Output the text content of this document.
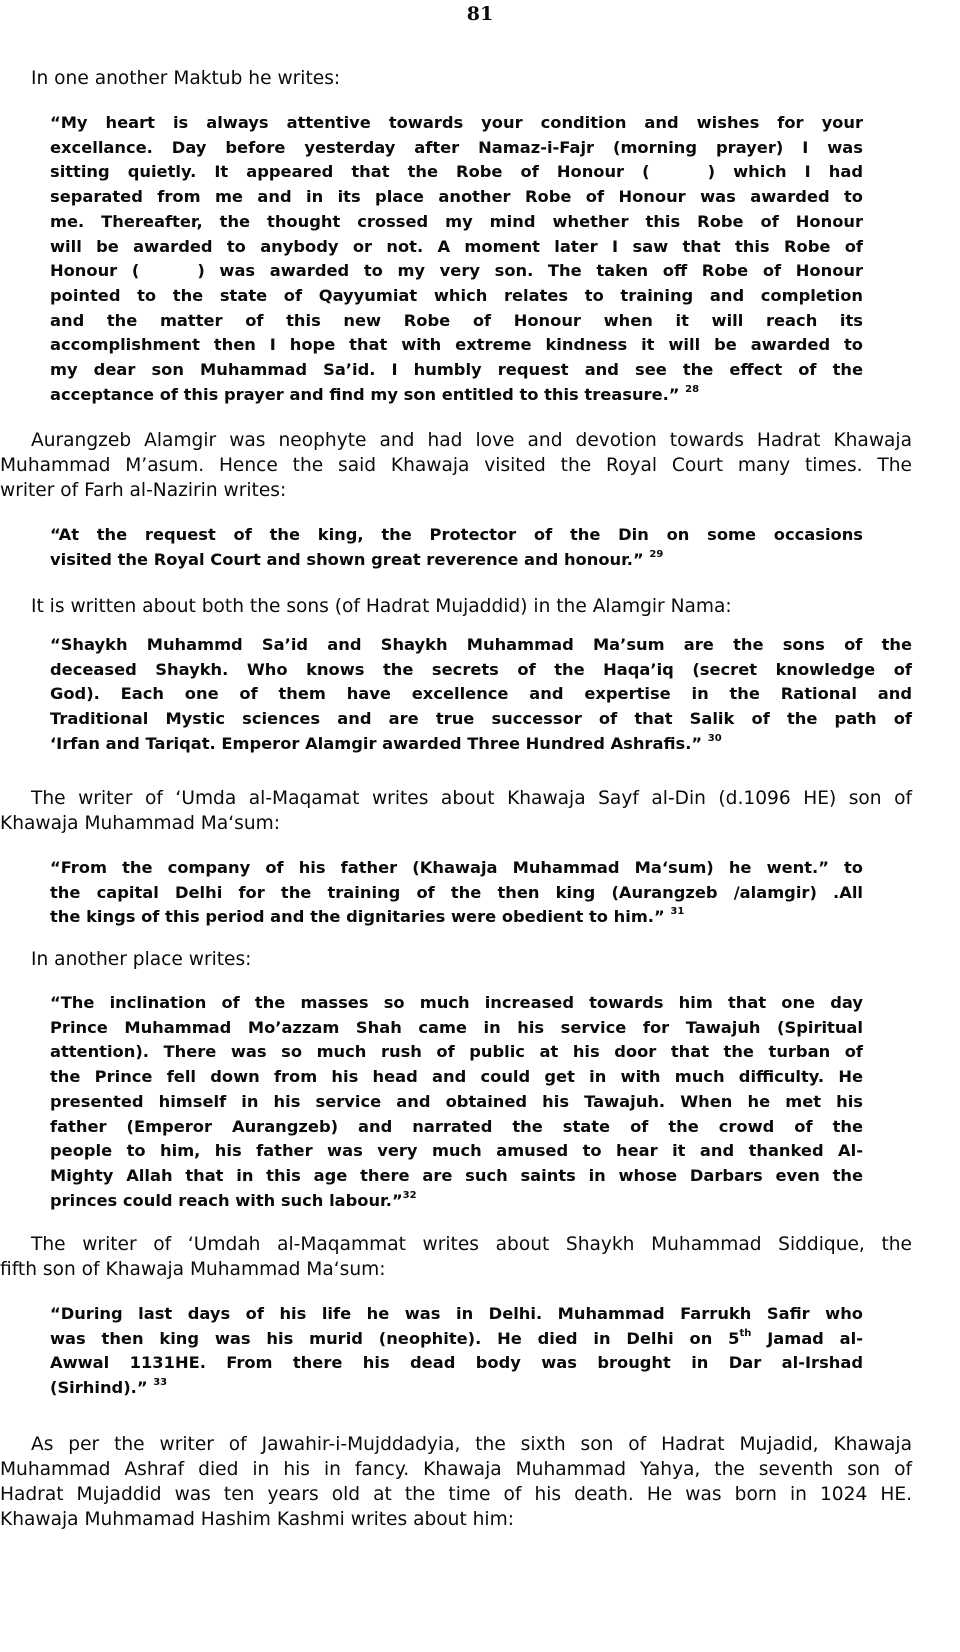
81
In one another Maktub he writes:
“My heart is always attentive towards your condition and wishes for your
excellance. Day before yesterday after Namaz-i-Fajr (morning prayer) I was
sitting quietly. It appeared that the Robe of Honour (	) which I had
separated from me and in its place another Robe of Honour was awarded to
me. Thereafter, the thought crossed my mind whether this Robe of Honour
will be awarded to anybody or not. A moment later I saw that this Robe of
Honour (	) was awarded to my very son. The taken off Robe of Honour
pointed to the state of Qayyumiat which relates to training and completion
and the matter of this new Robe of Honour when it will reach its
accomplishment then I hope that with extreme kindness it will be awarded to
my dear son Muhammad Sa’id. I humbly request and see the effect of the
acceptance of this prayer and find my son entitled to this treasure.” $^{28}$
Aurangzeb Alamgir was neophyte and had love and devotion towards Hadrat Khawaja
Muhammad M’asum. Hence the said Khawaja visited the Royal Court many times. The
writer of Farh al-Nazirin writes:
“At the request of the king, the Protector of the Din on some occasions
visited the Royal Court and shown great reverence and honour.” $^{29}$
It is written about both the sons (of Hadrat Mujaddid) in the Alamgir Nama:
“Shaykh Muhammd Sa’id and Shaykh Muhammad Ma’sum are the sons of the
deceased Shaykh. Who knows the secrets of the Haqa’iq (secret knowledge of
God). Each one of them have excellence and expertise in the Rational and
Traditional Mystic sciences and are true successor of that Salik of the path of
‘Irfan and Tariqat. Emperor Alamgir awarded Three Hundred Ashrafis.” $^{30}$
The writer of ‘Umda al-Maqamat writes about Khawaja Sayf al-Din (d.1096 HE) son of
Khawaja Muhammad Ma‘sum:
“From the company of his father (Khawaja Muhammad Ma‘sum) he went.” to
the capital Delhi for the training of the then king (Aurangzeb /alamgir) .All
the kings of this period and the dignitaries were obedient to him.” $^{31}$
In another place writes:
“The inclination of the masses so much increased towards him that one day
Prince Muhammad Mo’azzam Shah came in his service for Tawajuh (Spiritual
attention). There was so much rush of public at his door that the turban of
the Prince fell down from his head and could get in with much difficulty. He
presented himself in his service and obtained his Tawajuh. When he met his
father (Emperor Aurangzeb) and narrated the state of the crowd of the
people to him, his father was very much amused to hear it and thanked Al-
Mighty Allah that in this age there are such saints in whose Darbars even the
princes could reach with such labour.”$^{32}$
The writer of ‘Umdah al-Maqammat writes about Shaykh Muhammad Siddique, the
fifth son of Khawaja Muhammad Ma‘sum:
“During last days of his life he was in Delhi. Muhammad Farrukh Safir who
was then king was his murid (neophite). He died in Delhi on 5th Jamad al-
Awwal 1131HE. From there his dead body was brought in Dar al-Irshad
(Sirhind).” $^{33}$
As per the writer of Jawahir-i-Mujddadyia, the sixth son of Hadrat Mujadid, Khawaja
Muhammad Ashraf died in his in fancy. Khawaja Muhammad Yahya, the seventh son of
Hadrat Mujaddid was ten years old at the time of his death. He was born in 1024 HE.
Khawaja Muhmamad Hashim Kashmi writes about him:
